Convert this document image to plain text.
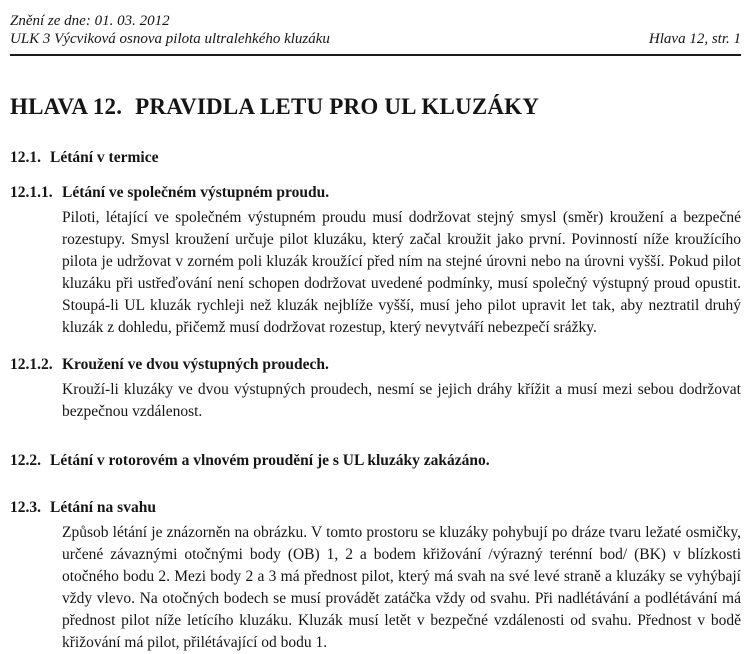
Znění ze dne: 01. 03. 2012
ULK 3 Výcviková osnova pilota ultralehkého kluzáku	Hlava 12, str. 1
HLAVA 12. PRAVIDLA LETU PRO UL KLUZÁKY
12.1. Létání v termice
12.1.1. Létání ve společném výstupném proudu.

Piloti, létající ve společném výstupném proudu musí dodržovat stejný smysl (směr) kroužení a bezpečné rozestupy. Smysl kroužení určuje pilot kluzáku, který začal kroužit jako první. Povinností níže kroužícího pilota je udržovat v zorném poli kluzák kroužící před ním na stejné úrovni nebo na úrovni vyšší. Pokud pilot kluzáku při ustřeďování není schopen dodržovat uvedené podmínky, musí společný výstupný proud opustit. Stoupá-li UL kluzák rychleji než kluzák nejblíže vyšší, musí jeho pilot upravit let tak, aby neztratil druhý kluzák z dohledu, přičemž musí dodržovat rozestup, který nevytváří nebezpečí srážky.

12.1.2. Kroužení ve dvou výstupných proudech.

Krouží-li kluzáky ve dvou výstupných proudech, nesmí se jejich dráhy křížit a musí mezi sebou dodržovat bezpečnou vzdálenost.

12.2. Létání v rotorovém a vlnovém proudění je s UL kluzáky zakázáno.
12.3. Létání na svahu

Způsob létání je znázorněn na obrázku. V tomto prostoru se kluzáky pohybují po dráze tvaru ležaté osmičky, určené závaznými otočnými body (OB) 1, 2 a bodem křižování /výrazný terénní bod/ (BK) v blízkosti otočného bodu 2. Mezi body 2 a 3 má přednost pilot, který má svah na své levé straně a kluzáky se vyhýbají vždy vlevo. Na otočných bodech se musí provádět zatáčka vždy od svahu. Při nadlétávání a podlétávání má přednost pilot níže letícího kluzáku. Kluzák musí letět v bezpečné vzdálenosti od svahu. Přednost v bodě křižování má pilot, přilétávající od bodu 1.
